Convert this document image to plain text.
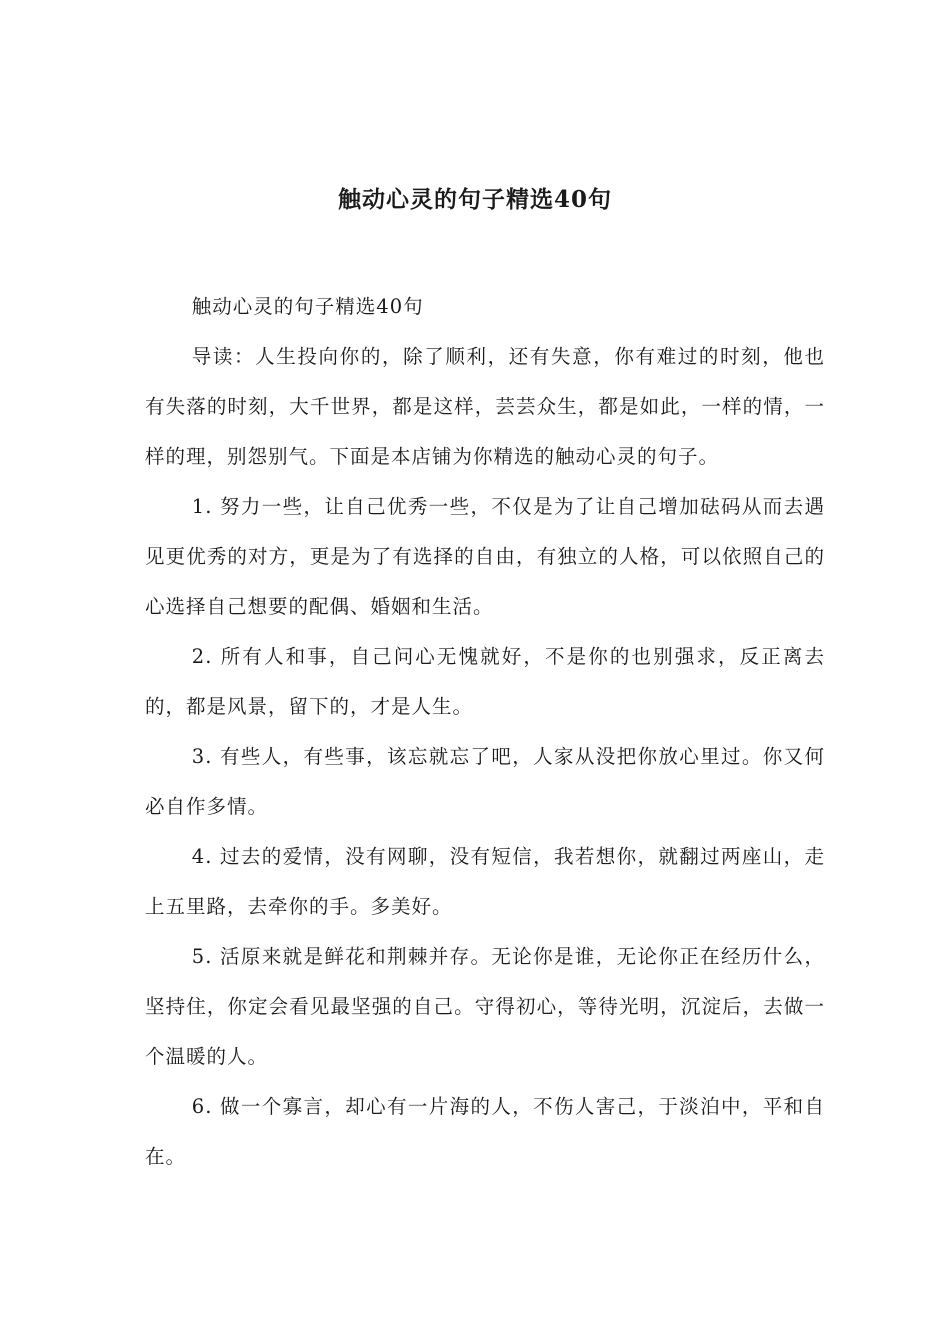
触动心灵的句子精选40句

触动心灵的句子精选40句

导读：人生投向你的，除了顺利，还有失意，你有难过的时刻，他也有失落的时刻，大千世界，都是这样，芸芸众生，都是如此，一样的情，一样的理，别怨别气。下面是本店铺为你精选的触动心灵的句子。

1. 努力一些，让自己优秀一些，不仅是为了让自己增加砝码从而去遇见更优秀的对方，更是为了有选择的自由，有独立的人格，可以依照自己的心选择自己想要的配偶、婚姻和生活。

2. 所有人和事，自己问心无愧就好，不是你的也别强求，反正离去的，都是风景，留下的，才是人生。

3. 有些人，有些事，该忘就忘了吧，人家从没把你放心里过。你又何必自作多情。

4. 过去的爱情，没有网聊，没有短信，我若想你，就翻过两座山，走上五里路，去牵你的手。多美好。

5. 活原来就是鲜花和荆棘并存。无论你是谁，无论你正在经历什么，坚持住，你定会看见最坚强的自己。守得初心，等待光明，沉淀后，去做一个温暖的人。

6. 做一个寡言，却心有一片海的人，不伤人害己，于淡泊中，平和自在。
